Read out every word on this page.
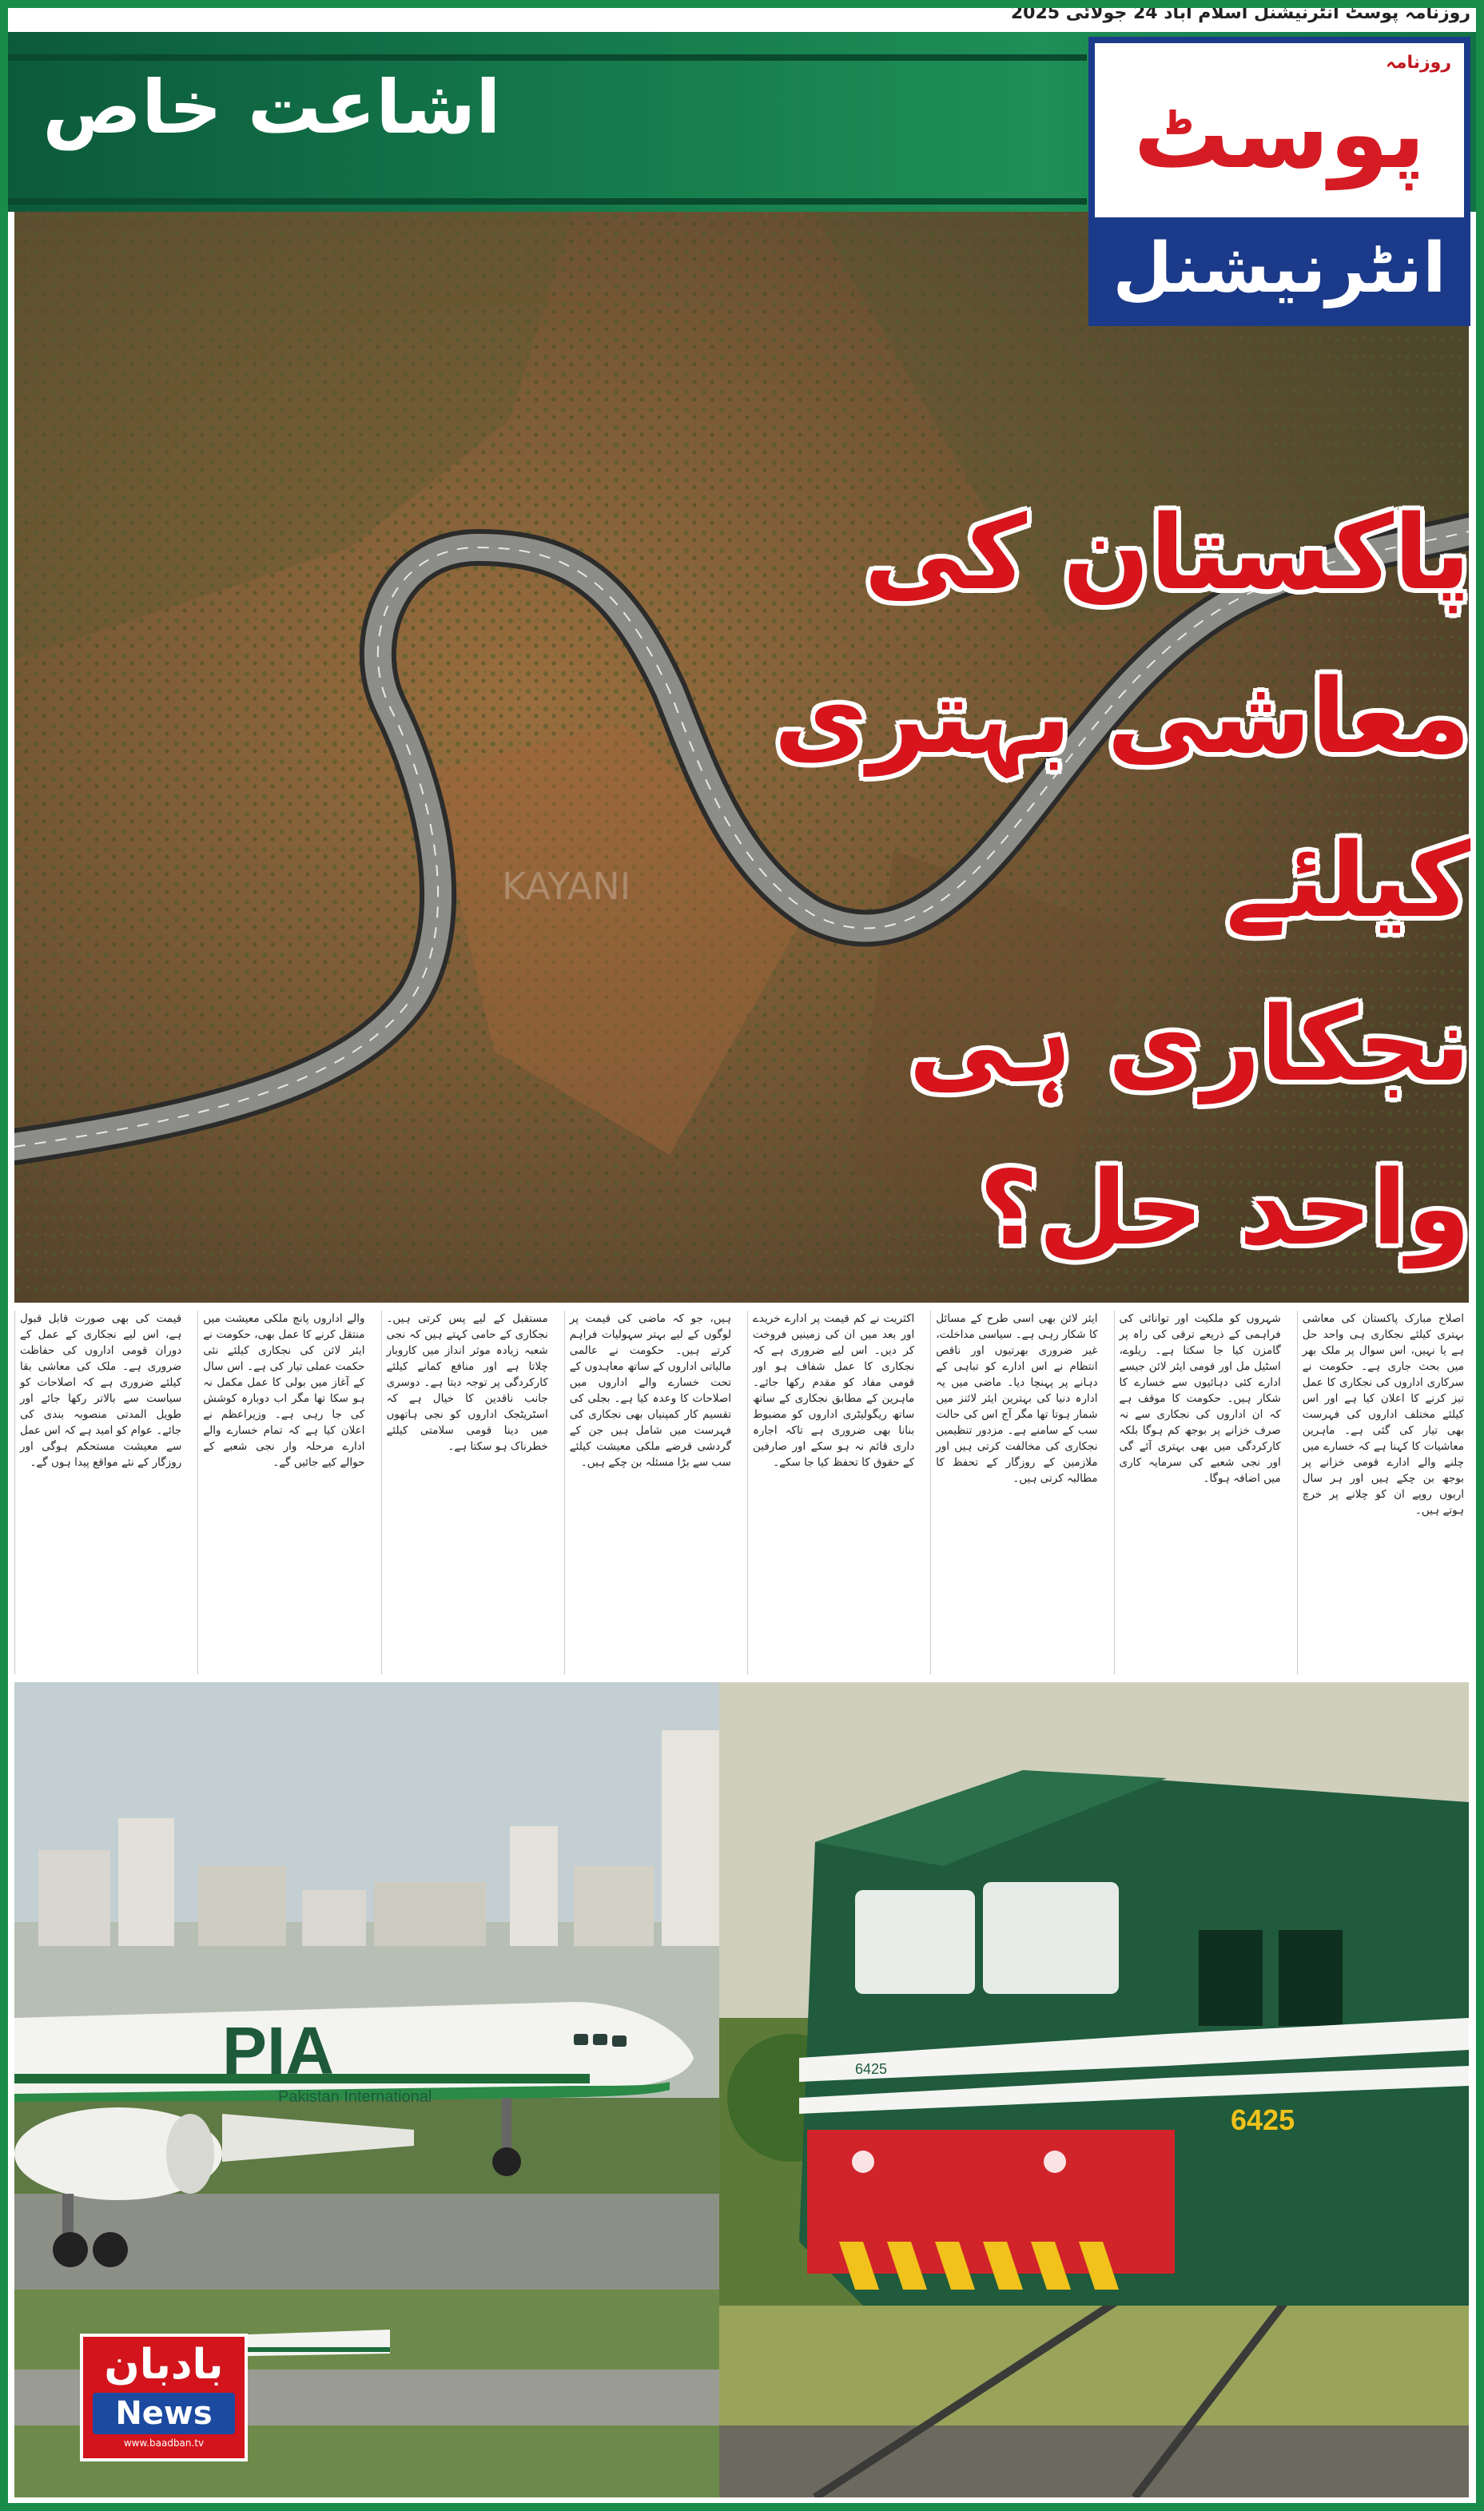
روزنامہ پوسٹ انٹرنیشنل اسلام آباد 24 جولائی 2025
اشاعت خاص
KAYANI
روزنامہ
پوسٹ
انٹرنیشنل
پاکستان کی
معاشی بہتری
کیلئے
نجکاری ہی
واحد حل؟
اصلاح مبارک پاکستان کی معاشی بہتری کیلئے نجکاری ہی واحد حل ہے یا نہیں، اس سوال پر ملک بھر میں بحث جاری ہے۔ حکومت نے سرکاری اداروں کی نجکاری کا عمل تیز کرنے کا اعلان کیا ہے اور اس کیلئے مختلف اداروں کی فہرست بھی تیار کی گئی ہے۔ ماہرین معاشیات کا کہنا ہے کہ خسارے میں چلنے والے ادارے قومی خزانے پر بوجھ بن چکے ہیں اور ہر سال اربوں روپے ان کو چلانے پر خرچ ہوتے ہیں۔
شہروں کو ملکیت اور توانائی کی فراہمی کے ذریعے ترقی کی راہ پر گامزن کیا جا سکتا ہے۔ ریلوے، اسٹیل مل اور قومی ایئر لائن جیسے ادارے کئی دہائیوں سے خسارے کا شکار ہیں۔ حکومت کا موقف ہے کہ ان اداروں کی نجکاری سے نہ صرف خزانے پر بوجھ کم ہوگا بلکہ کارکردگی میں بھی بہتری آئے گی اور نجی شعبے کی سرمایہ کاری میں اضافہ ہوگا۔
ایئر لائن بھی اسی طرح کے مسائل کا شکار رہی ہے۔ سیاسی مداخلت، غیر ضروری بھرتیوں اور ناقص انتظام نے اس ادارے کو تباہی کے دہانے پر پہنچا دیا۔ ماضی میں یہ ادارہ دنیا کی بہترین ایئر لائنز میں شمار ہوتا تھا مگر آج اس کی حالت سب کے سامنے ہے۔ مزدور تنظیمیں نجکاری کی مخالفت کرتی ہیں اور ملازمین کے روزگار کے تحفظ کا مطالبہ کرتی ہیں۔
اکثریت نے کم قیمت پر ادارے خریدے اور بعد میں ان کی زمینیں فروخت کر دیں۔ اس لیے ضروری ہے کہ نجکاری کا عمل شفاف ہو اور قومی مفاد کو مقدم رکھا جائے۔ ماہرین کے مطابق نجکاری کے ساتھ ساتھ ریگولیٹری اداروں کو مضبوط بنانا بھی ضروری ہے تاکہ اجارہ داری قائم نہ ہو سکے اور صارفین کے حقوق کا تحفظ کیا جا سکے۔
ہیں، جو کہ ماضی کی قیمت پر لوگوں کے لیے بہتر سہولیات فراہم کرتے ہیں۔ حکومت نے عالمی مالیاتی اداروں کے ساتھ معاہدوں کے تحت خسارے والے اداروں میں اصلاحات کا وعدہ کیا ہے۔ بجلی کی تقسیم کار کمپنیاں بھی نجکاری کی فہرست میں شامل ہیں جن کے گردشی قرضے ملکی معیشت کیلئے سب سے بڑا مسئلہ بن چکے ہیں۔
مستقبل کے لیے پس کرتی ہیں۔ نجکاری کے حامی کہتے ہیں کہ نجی شعبہ زیادہ موثر انداز میں کاروبار چلاتا ہے اور منافع کمانے کیلئے کارکردگی پر توجہ دیتا ہے۔ دوسری جانب ناقدین کا خیال ہے کہ اسٹریٹجک اداروں کو نجی ہاتھوں میں دینا قومی سلامتی کیلئے خطرناک ہو سکتا ہے۔
والے اداروں پانچ ملکی معیشت میں منتقل کرنے کا عمل بھی، حکومت نے ایئر لائن کی نجکاری کیلئے نئی حکمت عملی تیار کی ہے۔ اس سال کے آغاز میں بولی کا عمل مکمل نہ ہو سکا تھا مگر اب دوبارہ کوشش کی جا رہی ہے۔ وزیراعظم نے اعلان کیا ہے کہ تمام خسارے والے ادارے مرحلہ وار نجی شعبے کے حوالے کیے جائیں گے۔
قیمت کی بھی صورت قابل قبول ہے، اس لیے نجکاری کے عمل کے دوران قومی اداروں کی حفاظت ضروری ہے۔ ملک کی معاشی بقا کیلئے ضروری ہے کہ اصلاحات کو سیاست سے بالاتر رکھا جائے اور طویل المدتی منصوبہ بندی کی جائے۔ عوام کو امید ہے کہ اس عمل سے معیشت مستحکم ہوگی اور روزگار کے نئے مواقع پیدا ہوں گے۔
PIA
Pakistan International
6425
6425
بادبان
News
www.baadban.tv
